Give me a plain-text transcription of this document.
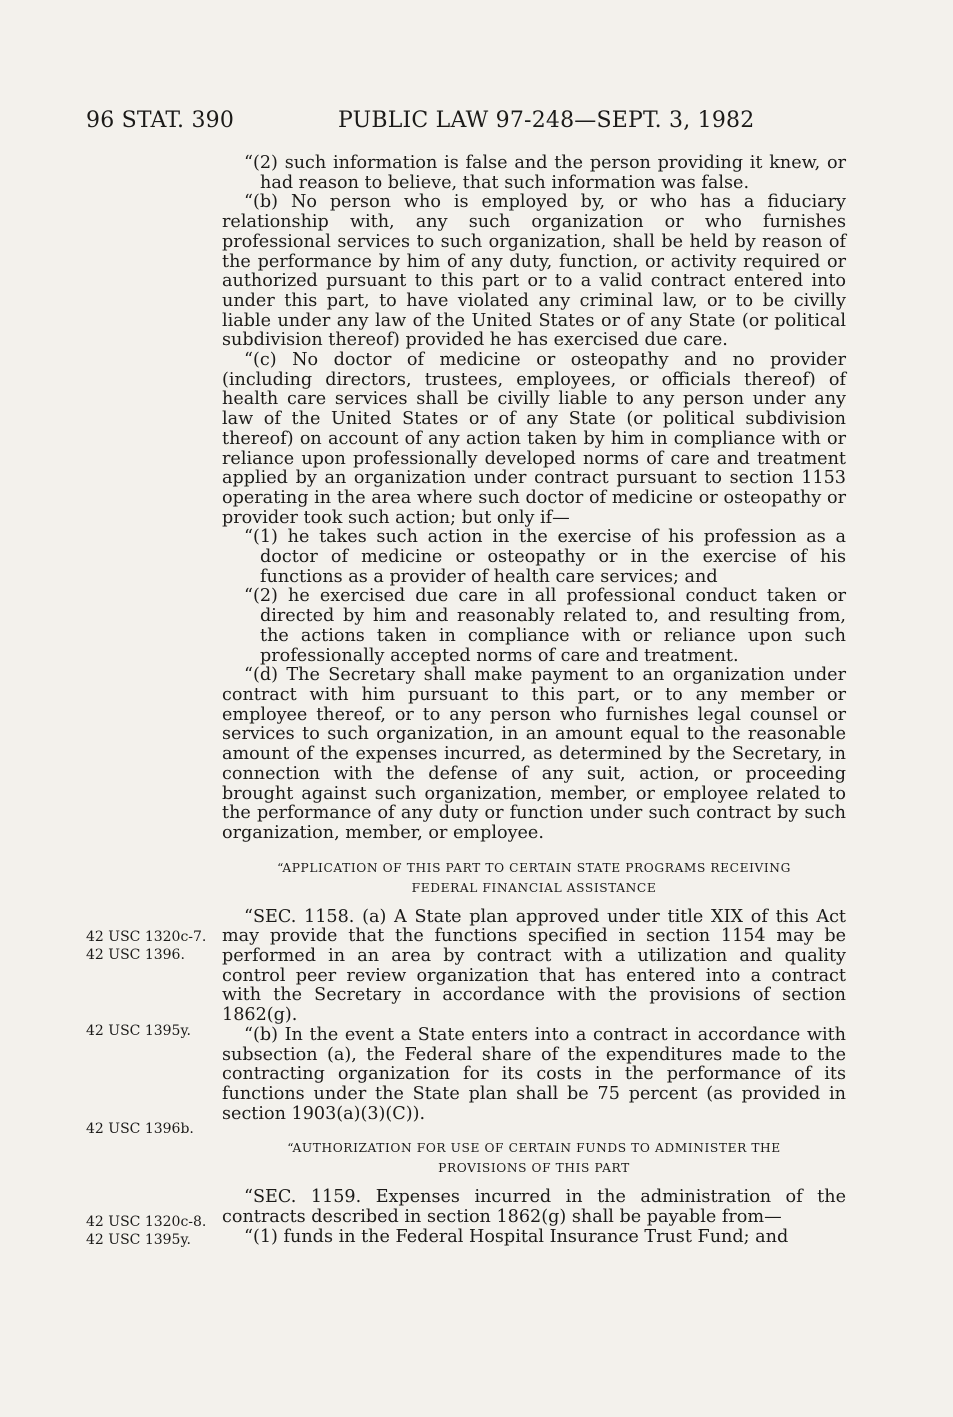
96 STAT. 390	PUBLIC LAW 97-248—SEPT. 3, 1982

“(2) such information is false and the person providing it knew, or had reason to believe, that such information was false.

“(b) No person who is employed by, or who has a fiduciary relationship with, any such organization or who furnishes professional services to such organization, shall be held by reason of the performance by him of any duty, function, or activity required or authorized pursuant to this part or to a valid contract entered into under this part, to have violated any criminal law, or to be civilly liable under any law of the United States or of any State (or political subdivision thereof) provided he has exercised due care.

“(c) No doctor of medicine or osteopathy and no provider (including directors, trustees, employees, or officials thereof) of health care services shall be civilly liable to any person under any law of the United States or of any State (or political subdivision thereof) on account of any action taken by him in compliance with or reliance upon professionally developed norms of care and treatment applied by an organization under contract pursuant to section 1153 operating in the area where such doctor of medicine or osteopathy or provider took such action; but only if—

“(1) he takes such action in the exercise of his profession as a doctor of medicine or osteopathy or in the exercise of his functions as a provider of health care services; and

“(2) he exercised due care in all professional conduct taken or directed by him and reasonably related to, and resulting from, the actions taken in compliance with or reliance upon such professionally accepted norms of care and treatment.

“(d) The Secretary shall make payment to an organization under contract with him pursuant to this part, or to any member or employee thereof, or to any person who furnishes legal counsel or services to such organization, in an amount equal to the reasonable amount of the expenses incurred, as determined by the Secretary, in connection with the defense of any suit, action, or proceeding brought against such organization, member, or employee related to the performance of any duty or function under such contract by such organization, member, or employee.

“APPLICATION OF THIS PART TO CERTAIN STATE PROGRAMS RECEIVING
FEDERAL FINANCIAL ASSISTANCE

“SEC. 1158. (a) A State plan approved under title XIX of this Act may provide that the functions specified in section 1154 may be performed in an area by contract with a utilization and quality control peer review organization that has entered into a contract with the Secretary in accordance with the provisions of section 1862(g).

“(b) In the event a State enters into a contract in accordance with subsection (a), the Federal share of the expenditures made to the contracting organization for its costs in the performance of its functions under the State plan shall be 75 percent (as provided in section 1903(a)(3)(C)).

“AUTHORIZATION FOR USE OF CERTAIN FUNDS TO ADMINISTER THE
PROVISIONS OF THIS PART

“SEC. 1159. Expenses incurred in the administration of the contracts described in section 1862(g) shall be payable from—

“(1) funds in the Federal Hospital Insurance Trust Fund; and

42 USC 1320c-7.
42 USC 1396.
42 USC 1395y.
42 USC 1396b.
42 USC 1320c-8.
42 USC 1395y.
